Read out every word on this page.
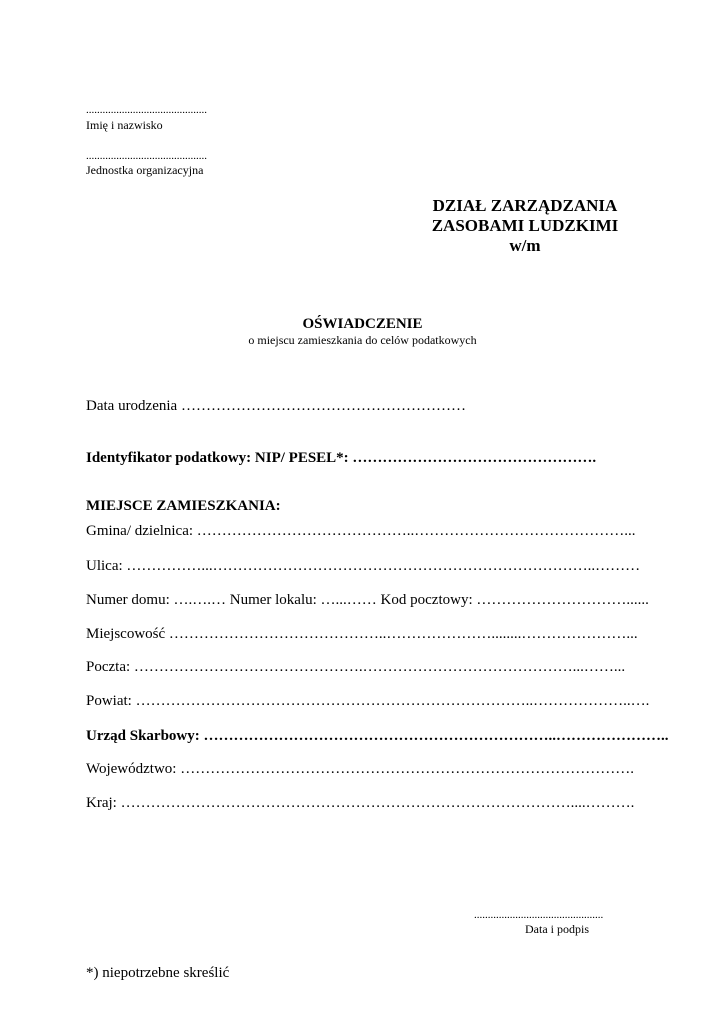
............................................
Imię i nazwisko
............................................
Jednostka organizacyjna
DZIAŁ ZARZĄDZANIA
ZASOBAMI LUDZKIMI
w/m
OŚWIADCZENIE
o miejscu zamieszkania do celów podatkowych
Data urodzenia …………………………………………………
Identyfikator podatkowy: NIP/ PESEL*: ………………………………………….
MIEJSCE ZAMIESZKANIA:
Gmina/ dzielnica: ……………………………………..……………………………………...
Ulica: ……………...…………………………………………………………………..………
Numer domu: ….….… Numer lokalu: …...…… Kod pocztowy: …………………………......
Miejscowość ……………………………………..…………………........…………………...
Poczta: ……………………………………….……………………………………...……...
Powiat: ……………………………………………………………………..………………..….
Urząd Skarbowy: ……………………………………………………………..…………………..
Województwo: ……………………………………………………………………………….
Kraj: ………………………………………………………………………………....……….
...............................................
Data i podpis
*) niepotrzebne skreślić
